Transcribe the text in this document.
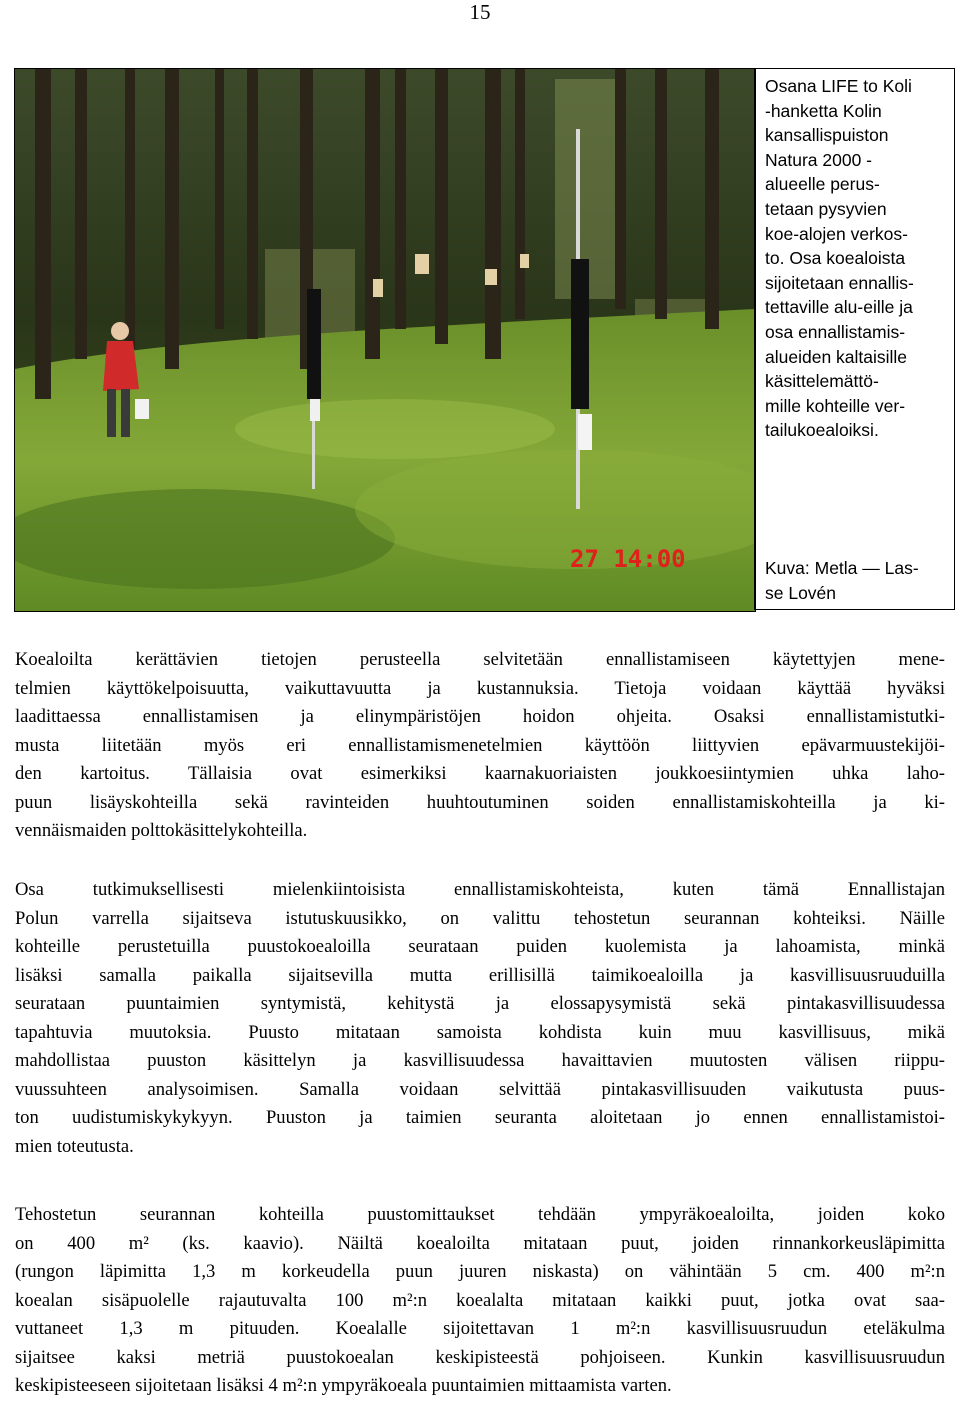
15
27 14:00
Osana LIFE to Koli
-hanketta Kolin
kansallispuiston
Natura 2000 -
alueelle perus-
tetaan pysyvien
koe-alojen verkos-
to. Osa koealoista
sijoitetaan ennallis-
tettaville alu-eille ja
osa ennallistamis-
alueiden kaltaisille
käsittelemättö-
mille kohteille ver-
tailukoealoiksi.
Kuva: Metla — Las-
se Lovén
Koealoilta kerättävien tietojen perusteella selvitetään ennallistamiseen käytettyjen mene-
telmien käyttökelpoisuutta, vaikuttavuutta ja kustannuksia. Tietoja voidaan käyttää hyväksi
laadittaessa ennallistamisen ja elinympäristöjen hoidon ohjeita. Osaksi ennallistamistutki-
musta liitetään myös eri ennallistamismenetelmien käyttöön liittyvien epävarmuustekijöi-
den kartoitus. Tällaisia ovat esimerkiksi kaarnakuoriaisten joukkoesiintymien uhka laho-
puun lisäyskohteilla sekä ravinteiden huuhtoutuminen soiden ennallistamiskohteilla ja ki-
vennäismaiden polttokäsittelykohteilla.
Osa tutkimuksellisesti mielenkiintoisista ennallistamiskohteista, kuten tämä Ennallistajan
Polun varrella sijaitseva istutuskuusikko, on valittu tehostetun seurannan kohteiksi. Näille
kohteille perustetuilla puustokoealoilla seurataan puiden kuolemista ja lahoamista, minkä
lisäksi samalla paikalla sijaitsevilla mutta erillisillä taimikoealoilla ja kasvillisuusruuduilla
seurataan puuntaimien syntymistä, kehitystä ja elossapysymistä sekä pintakasvillisuudessa
tapahtuvia muutoksia. Puusto mitataan samoista kohdista kuin muu kasvillisuus, mikä
mahdollistaa puuston käsittelyn ja kasvillisuudessa havaittavien muutosten välisen riippu-
vuussuhteen analysoimisen. Samalla voidaan selvittää pintakasvillisuuden vaikutusta puus-
ton uudistumiskykykyyn. Puuston ja taimien seuranta aloitetaan jo ennen ennallistamistoi-
mien toteutusta.
Tehostetun seurannan kohteilla puustomittaukset tehdään ympyräkoealoilta, joiden koko
on 400 m² (ks. kaavio). Näiltä koealoilta mitataan puut, joiden rinnankorkeusläpimitta
(rungon läpimitta 1,3 m korkeudella puun juuren niskasta) on vähintään 5 cm. 400 m²:n
koealan sisäpuolelle rajautuvalta 100 m²:n koealalta mitataan kaikki puut, jotka ovat saa-
vuttaneet 1,3 m pituuden. Koealalle sijoitettavan 1 m²:n kasvillisuusruudun eteläkulma
sijaitsee kaksi metriä puustokoealan keskipisteestä pohjoiseen. Kunkin kasvillisuusruudun
keskipisteeseen sijoitetaan lisäksi 4 m²:n ympyräkoeala puuntaimien mittaamista varten.
